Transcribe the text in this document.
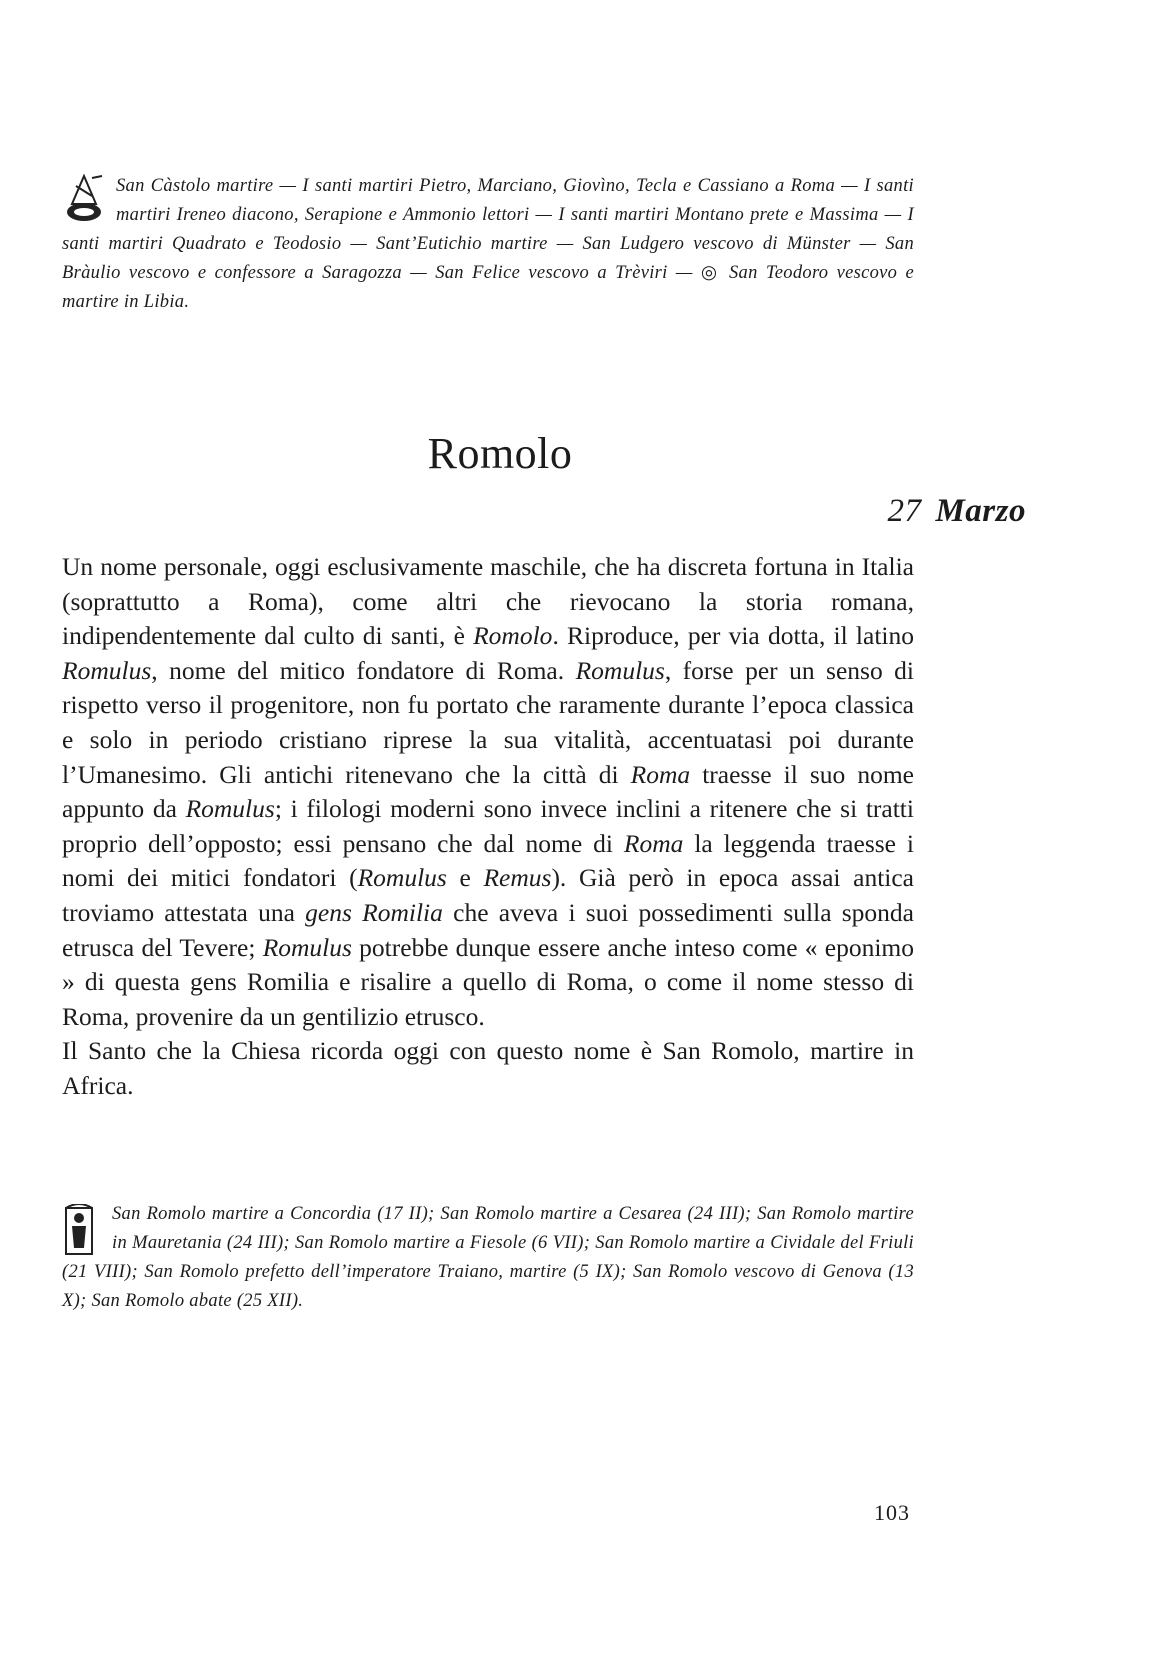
San Càstolo martire — I santi martiri Pietro, Marciano, Giovìno, Tecla e Cassiano a Roma — I santi martiri Ireneo diacono, Serapione e Ammonio lettori — I santi martiri Montano prete e Massima — I santi martiri Quadrato e Teodosio — Sant’Eutichio martire — San Ludgero vescovo di Münster — San Bràulio vescovo e confessore a Saragozza — San Felice vescovo a Trèviri — ◎ San Teodoro vescovo e martire in Libia.
Romolo
27 Marzo
Un nome personale, oggi esclusivamente maschile, che ha discreta fortuna in Italia (soprattutto a Roma), come altri che rievocano la storia romana, indipendentemente dal culto di santi, è Romolo. Riproduce, per via dotta, il latino Romulus, nome del mitico fondatore di Roma. Romulus, forse per un senso di rispetto verso il progenitore, non fu portato che raramente durante l’epoca classica e solo in periodo cristiano riprese la sua vitalità, accentuatasi poi durante l’Umanesimo. Gli antichi ritenevano che la città di Roma traesse il suo nome appunto da Romulus; i filologi moderni sono invece inclini a ritenere che si tratti proprio dell’opposto; essi pensano che dal nome di Roma la leggenda traesse i nomi dei mitici fondatori (Romulus e Remus). Già però in epoca assai antica troviamo attestata una gens Romilia che aveva i suoi possedimenti sulla sponda etrusca del Tevere; Romulus potrebbe dunque essere anche inteso come « eponimo » di questa gens Romilia e risalire a quello di Roma, o come il nome stesso di Roma, provenire da un gentilizio etrusco.
Il Santo che la Chiesa ricorda oggi con questo nome è San Romolo, martire in Africa.
San Romolo martire a Concordia (17 II); San Romolo martire a Cesarea (24 III); San Romolo martire in Mauretania (24 III); San Romolo martire a Fiesole (6 VII); San Romolo martire a Cividale del Friuli (21 VIII); San Romolo prefetto dell’imperatore Traiano, martire (5 IX); San Romolo vescovo di Genova (13 X); San Romolo abate (25 XII).
103
